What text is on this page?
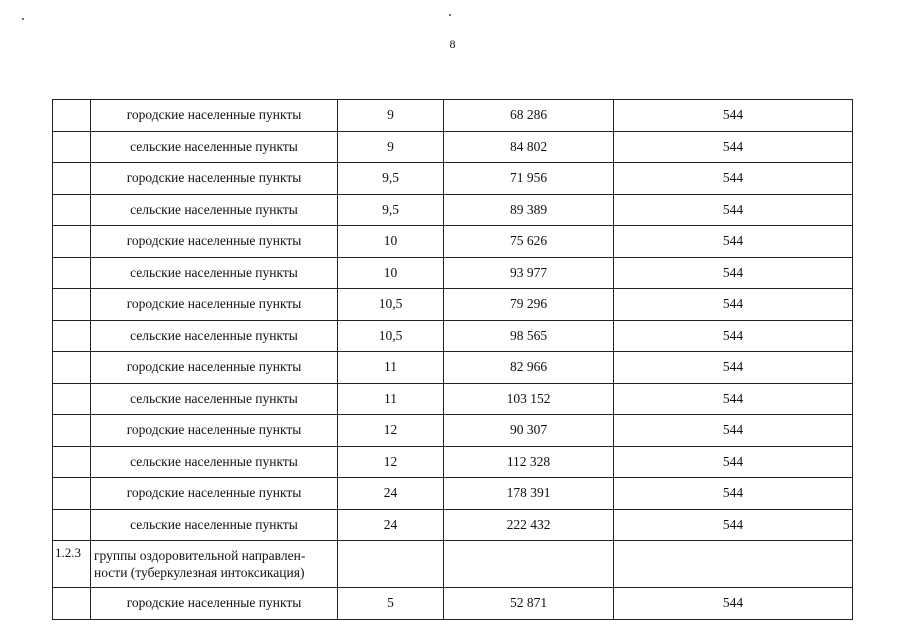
8
	городские населенные пункты	9	68 286	544
	сельские населенные пункты	9	84 802	544
	городские населенные пункты	9,5	71 956	544
	сельские населенные пункты	9,5	89 389	544
	городские населенные пункты	10	75 626	544
	сельские населенные пункты	10	93 977	544
	городские населенные пункты	10,5	79 296	544
	сельские населенные пункты	10,5	98 565	544
	городские населенные пункты	11	82 966	544
	сельские населенные пункты	11	103 152	544
	городские населенные пункты	12	90 307	544
	сельские населенные пункты	12	112 328	544
	городские населенные пункты	24	178 391	544
	сельские населенные пункты	24	222 432	544
1.2.3	группы оздоровительной направлен-
ности (туберкулезная интоксикация)			

	городские населенные пункты	5	52 871	544
